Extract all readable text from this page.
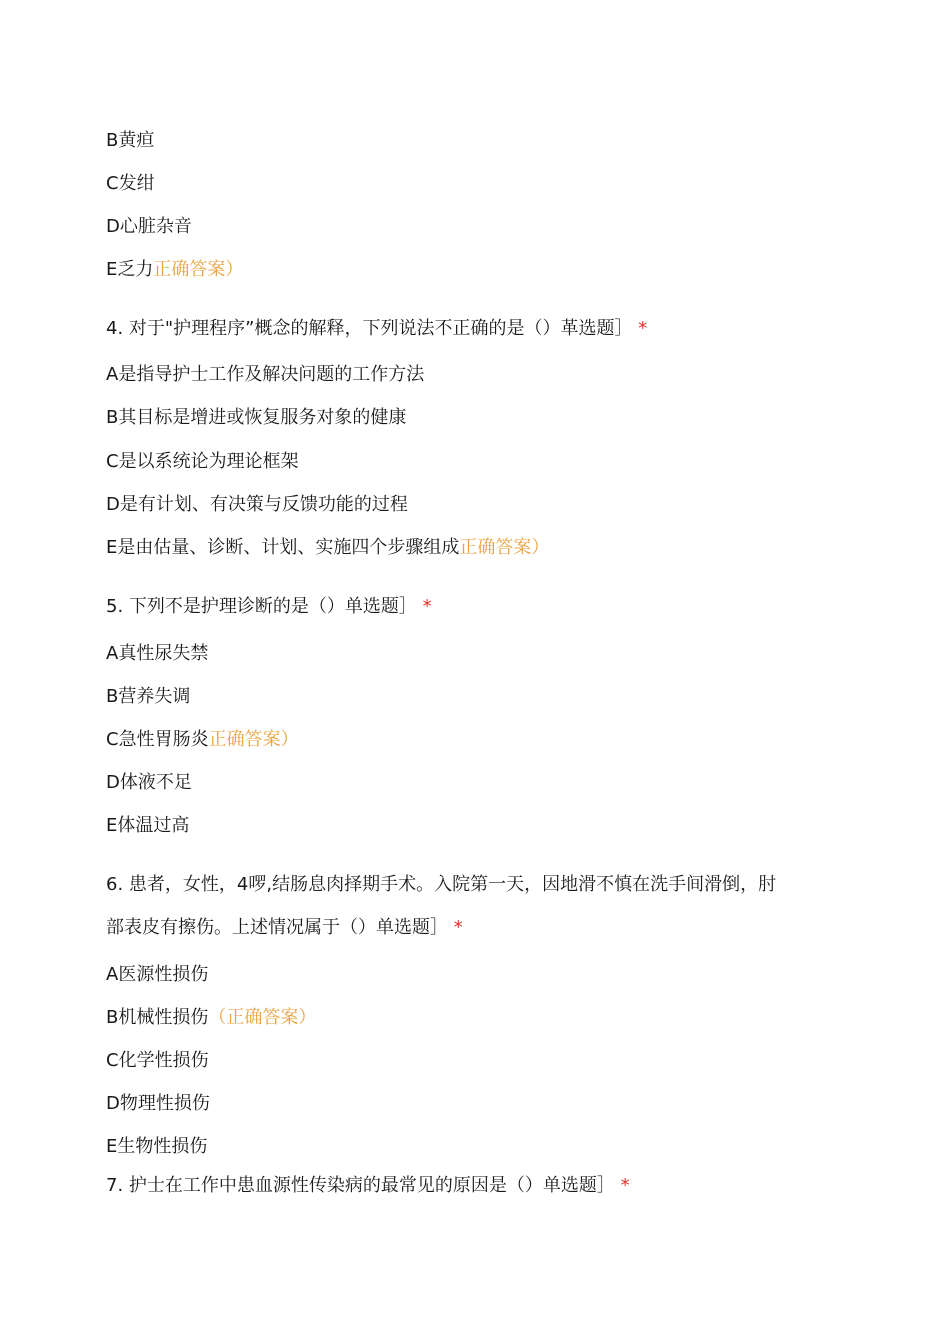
B黄疸
C发绀
D心脏杂音
E乏力正确答案）
4. 对于"护理程序”概念的解释，下列说法不正确的是（）革选题］ *
A是指导护士工作及解决问题的工作方法
B其目标是增进或恢复服务对象的健康
C是以系统论为理论框架
D是有计划、有决策与反馈功能的过程
E是由估量、诊断、计划、实施四个步骤组成正确答案）
5. 下列不是护理诊断的是（）单选题］ *
A真性尿失禁
B营养失调
C急性胃肠炎正确答案）
D体液不足
E体温过高
6. 患者，女性，4啰,结肠息肉择期手术。入院第一天，因地滑不慎在洗手间滑倒，肘
部表皮有擦伤。上述情况属于（）单选题］ *
A医源性损伤
B机械性损伤（正确答案）
C化学性损伤
D物理性损伤
E生物性损伤
7. 护士在工作中患血源性传染病的最常见的原因是（）单选题］ *
